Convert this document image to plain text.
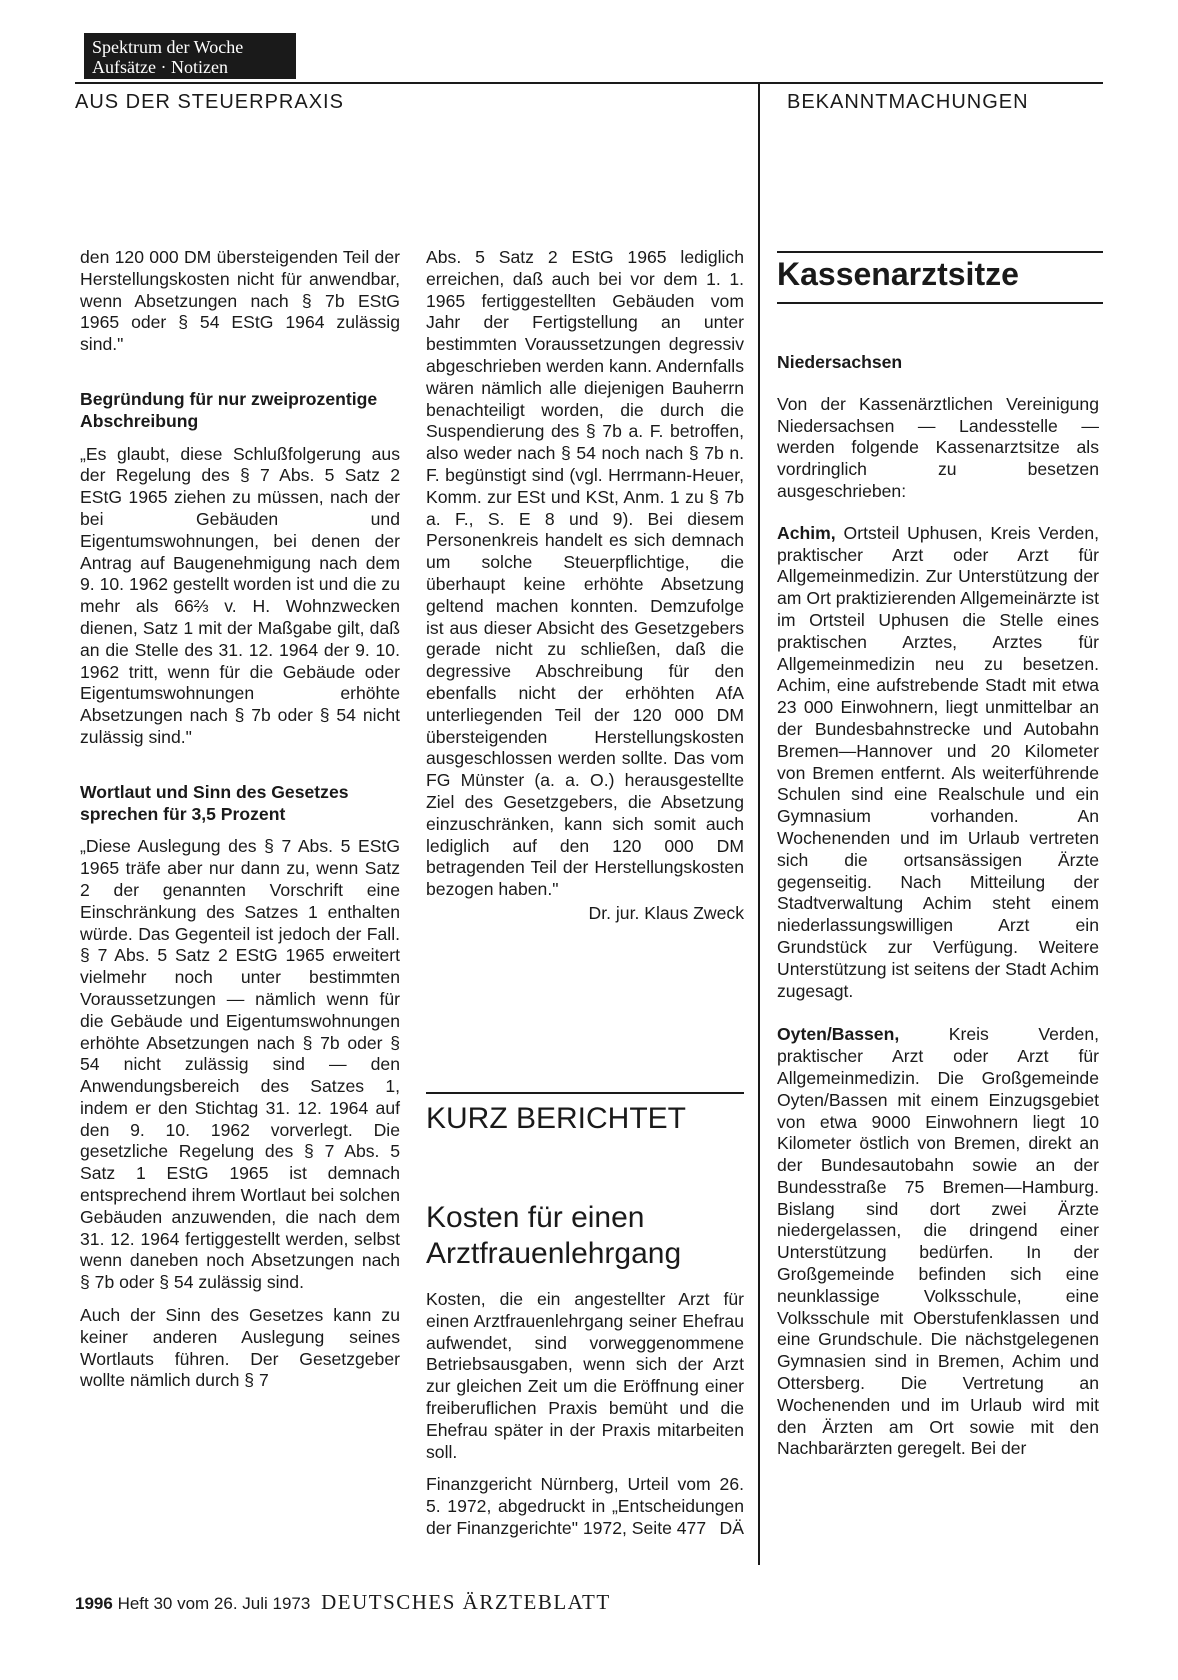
Spektrum der Woche
Aufsätze · Notizen
AUS DER STEUERPRAXIS	BEKANNTMACHUNGEN

den 120 000 DM übersteigenden Teil der Herstellungskosten nicht für anwendbar, wenn Absetzungen nach § 7b EStG 1965 oder § 54 EStG 1964 zulässig sind."

Begründung für nur zweiprozentige Abschreibung

„Es glaubt, diese Schlußfolgerung aus der Regelung des § 7 Abs. 5 Satz 2 EStG 1965 ziehen zu müssen, nach der bei Gebäuden und Eigentumswohnungen, bei denen der Antrag auf Baugenehmigung nach dem 9. 10. 1962 gestellt worden ist und die zu mehr als 66⅔ v. H. Wohnzwecken dienen, Satz 1 mit der Maßgabe gilt, daß an die Stelle des 31. 12. 1964 der 9. 10. 1962 tritt, wenn für die Gebäude oder Eigentumswohnungen erhöhte Absetzungen nach § 7b oder § 54 nicht zulässig sind."

Wortlaut und Sinn des Gesetzes sprechen für 3,5 Prozent

„Diese Auslegung des § 7 Abs. 5 EStG 1965 träfe aber nur dann zu, wenn Satz 2 der genannten Vorschrift eine Einschränkung des Satzes 1 enthalten würde. Das Gegenteil ist jedoch der Fall. § 7 Abs. 5 Satz 2 EStG 1965 erweitert vielmehr noch unter bestimmten Voraussetzungen — nämlich wenn für die Gebäude und Eigentumswohnungen erhöhte Absetzungen nach § 7b oder § 54 nicht zulässig sind — den Anwendungsbereich des Satzes 1, indem er den Stichtag 31. 12. 1964 auf den 9. 10. 1962 vorverlegt. Die gesetzliche Regelung des § 7 Abs. 5 Satz 1 EStG 1965 ist demnach entsprechend ihrem Wortlaut bei solchen Gebäuden anzuwenden, die nach dem 31. 12. 1964 fertiggestellt werden, selbst wenn daneben noch Absetzungen nach § 7b oder § 54 zulässig sind.

Auch der Sinn des Gesetzes kann zu keiner anderen Auslegung seines Wortlauts führen. Der Gesetzgeber wollte nämlich durch § 7

Abs. 5 Satz 2 EStG 1965 lediglich erreichen, daß auch bei vor dem 1. 1. 1965 fertiggestellten Gebäuden vom Jahr der Fertigstellung an unter bestimmten Voraussetzungen degressiv abgeschrieben werden kann. Andernfalls wären nämlich alle diejenigen Bauherrn benachteiligt worden, die durch die Suspendierung des § 7b a. F. betroffen, also weder nach § 54 noch nach § 7b n. F. begünstigt sind (vgl. Herrmann-Heuer, Komm. zur ESt und KSt, Anm. 1 zu § 7b a. F., S. E 8 und 9). Bei diesem Personenkreis handelt es sich demnach um solche Steuerpflichtige, die überhaupt keine erhöhte Absetzung geltend machen konnten. Demzufolge ist aus dieser Absicht des Gesetzgebers gerade nicht zu schließen, daß die degressive Abschreibung für den ebenfalls nicht der erhöhten AfA unterliegenden Teil der 120 000 DM übersteigenden Herstellungskosten ausgeschlossen werden sollte. Das vom FG Münster (a. a. O.) herausgestellte Ziel des Gesetzgebers, die Absetzung einzuschränken, kann sich somit auch lediglich auf den 120 000 DM betragenden Teil der Herstellungskosten bezogen haben."

Dr. jur. Klaus Zweck

KURZ BERICHTET

Kosten für einen Arztfrauenlehrgang

Kosten, die ein angestellter Arzt für einen Arztfrauenlehrgang seiner Ehefrau aufwendet, sind vorweggenommene Betriebsausgaben, wenn sich der Arzt zur gleichen Zeit um die Eröffnung einer freiberuflichen Praxis bemüht und die Ehefrau später in der Praxis mitarbeiten soll.

Finanzgericht Nürnberg, Urteil vom 26. 5. 1972, abgedruckt in „Entscheidungen der Finanzgerichte" 1972, Seite 477 DÄ

Kassenarztsitze

Niedersachsen

Von der Kassenärztlichen Vereinigung Niedersachsen — Landesstelle — werden folgende Kassenarztsitze als vordringlich zu besetzen ausgeschrieben:

Achim, Ortsteil Uphusen, Kreis Verden, praktischer Arzt oder Arzt für Allgemeinmedizin. Zur Unterstützung der am Ort praktizierenden Allgemeinärzte ist im Ortsteil Uphusen die Stelle eines praktischen Arztes, Arztes für Allgemeinmedizin neu zu besetzen. Achim, eine aufstrebende Stadt mit etwa 23 000 Einwohnern, liegt unmittelbar an der Bundesbahnstrecke und Autobahn Bremen—Hannover und 20 Kilometer von Bremen entfernt. Als weiterführende Schulen sind eine Realschule und ein Gymnasium vorhanden. An Wochenenden und im Urlaub vertreten sich die ortsansässigen Ärzte gegenseitig. Nach Mitteilung der Stadtverwaltung Achim steht einem niederlassungswilligen Arzt ein Grundstück zur Verfügung. Weitere Unterstützung ist seitens der Stadt Achim zugesagt.

Oyten/Bassen, Kreis Verden, praktischer Arzt oder Arzt für Allgemeinmedizin. Die Großgemeinde Oyten/Bassen mit einem Einzugsgebiet von etwa 9000 Einwohnern liegt 10 Kilometer östlich von Bremen, direkt an der Bundesautobahn sowie an der Bundesstraße 75 Bremen—Hamburg. Bislang sind dort zwei Ärzte niedergelassen, die dringend einer Unterstützung bedürfen. In der Großgemeinde befinden sich eine neunklassige Volksschule, eine Volksschule mit Oberstufenklassen und eine Grundschule. Die nächstgelegenen Gymnasien sind in Bremen, Achim und Ottersberg. Die Vertretung an Wochenenden und im Urlaub wird mit den Ärzten am Ort sowie mit den Nachbarärzten geregelt. Bei der

1996 Heft 30 vom 26. Juli 1973 DEUTSCHES ÄRZTEBLATT
